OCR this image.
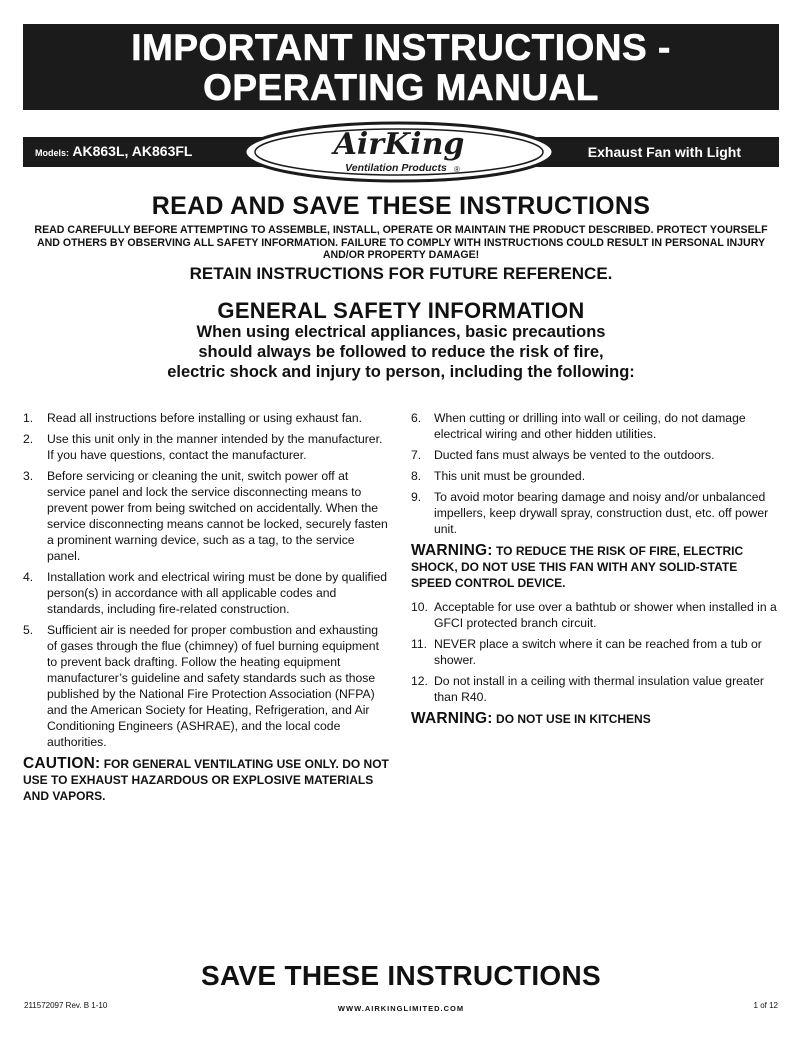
IMPORTANT INSTRUCTIONS -
OPERATING MANUAL
Models: AK863L, AK863FL	Exhaust Fan with Light
AirKing
Ventilation Products ®
READ AND SAVE THESE INSTRUCTIONS
READ CAREFULLY BEFORE ATTEMPTING TO ASSEMBLE, INSTALL, OPERATE OR MAINTAIN THE PRODUCT DESCRIBED. PROTECT YOURSELF AND OTHERS BY OBSERVING ALL SAFETY INFORMATION. FAILURE TO COMPLY WITH INSTRUCTIONS COULD RESULT IN PERSONAL INJURY AND/OR PROPERTY DAMAGE!
RETAIN INSTRUCTIONS FOR FUTURE REFERENCE.
GENERAL SAFETY INFORMATION
When using electrical appliances, basic precautions
should always be followed to reduce the risk of fire,
electric shock and injury to person, including the following:
1.	Read all instructions before installing or using exhaust fan.
2.	Use this unit only in the manner intended by the manufacturer. If you have questions, contact the manufacturer.
3.	Before servicing or cleaning the unit, switch power off at service panel and lock the service disconnecting means to prevent power from being switched on accidentally. When the service disconnecting means cannot be locked, securely fasten a prominent warning device, such as a tag, to the service panel.
4.	Installation work and electrical wiring must be done by qualified person(s) in accordance with all applicable codes and standards, including fire-related construction.
5.	Sufficient air is needed for proper combustion and exhausting of gases through the flue (chimney) of fuel burning equipment to prevent back drafting. Follow the heating equipment manufacturer’s guideline and safety standards such as those published by the National Fire Protection Association (NFPA) and the American Society for Heating, Refrigeration, and Air Conditioning Engineers (ASHRAE), and the local code authorities.
CAUTION: FOR GENERAL VENTILATING USE ONLY. DO NOT USE TO EXHAUST HAZARDOUS OR EXPLOSIVE MATERIALS AND VAPORS.
6.	When cutting or drilling into wall or ceiling, do not damage electrical wiring and other hidden utilities.
7.	Ducted fans must always be vented to the outdoors.
8.	This unit must be grounded.
9.	To avoid motor bearing damage and noisy and/or unbalanced impellers, keep drywall spray, construction dust, etc. off power unit.
WARNING: TO REDUCE THE RISK OF FIRE, ELECTRIC SHOCK, DO NOT USE THIS FAN WITH ANY SOLID-STATE SPEED CONTROL DEVICE.
10. Acceptable for use over a bathtub or shower when installed in a GFCI protected branch circuit.
11. NEVER place a switch where it can be reached from a tub or shower.
12. Do not install in a ceiling with thermal insulation value greater than R40.
WARNING: DO NOT USE IN KITCHENS
SAVE THESE INSTRUCTIONS
211572097 Rev. B 1-10	WWW.AIRKINGLIMITED.COM	1 of 12
